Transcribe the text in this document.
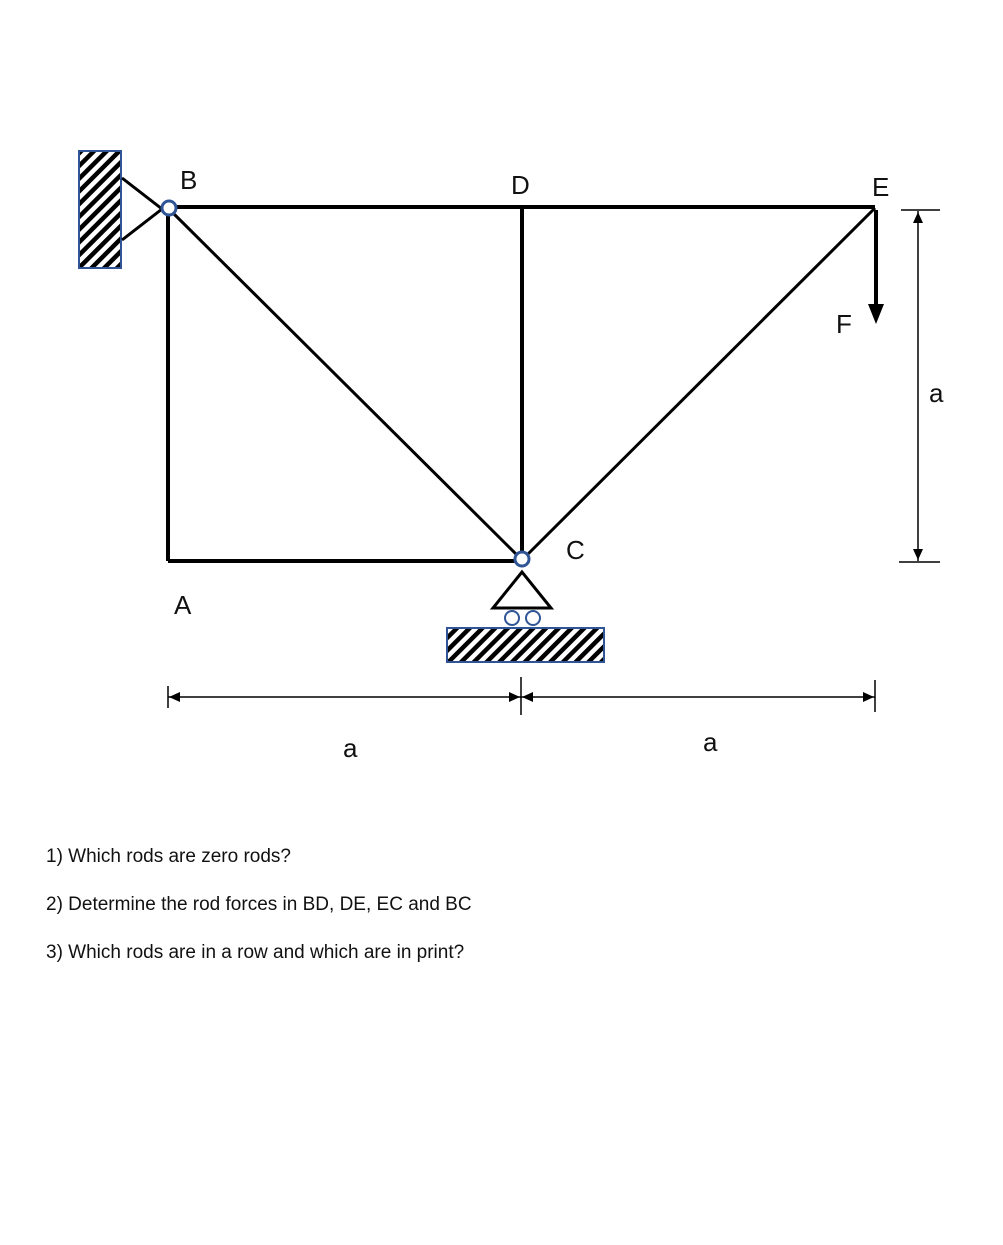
B	D	E
C
A
F
a	a
a
1) Which rods are zero rods?
2) Determine the rod forces in BD, DE, EC and BC
3) Which rods are in a row and which are in print?
